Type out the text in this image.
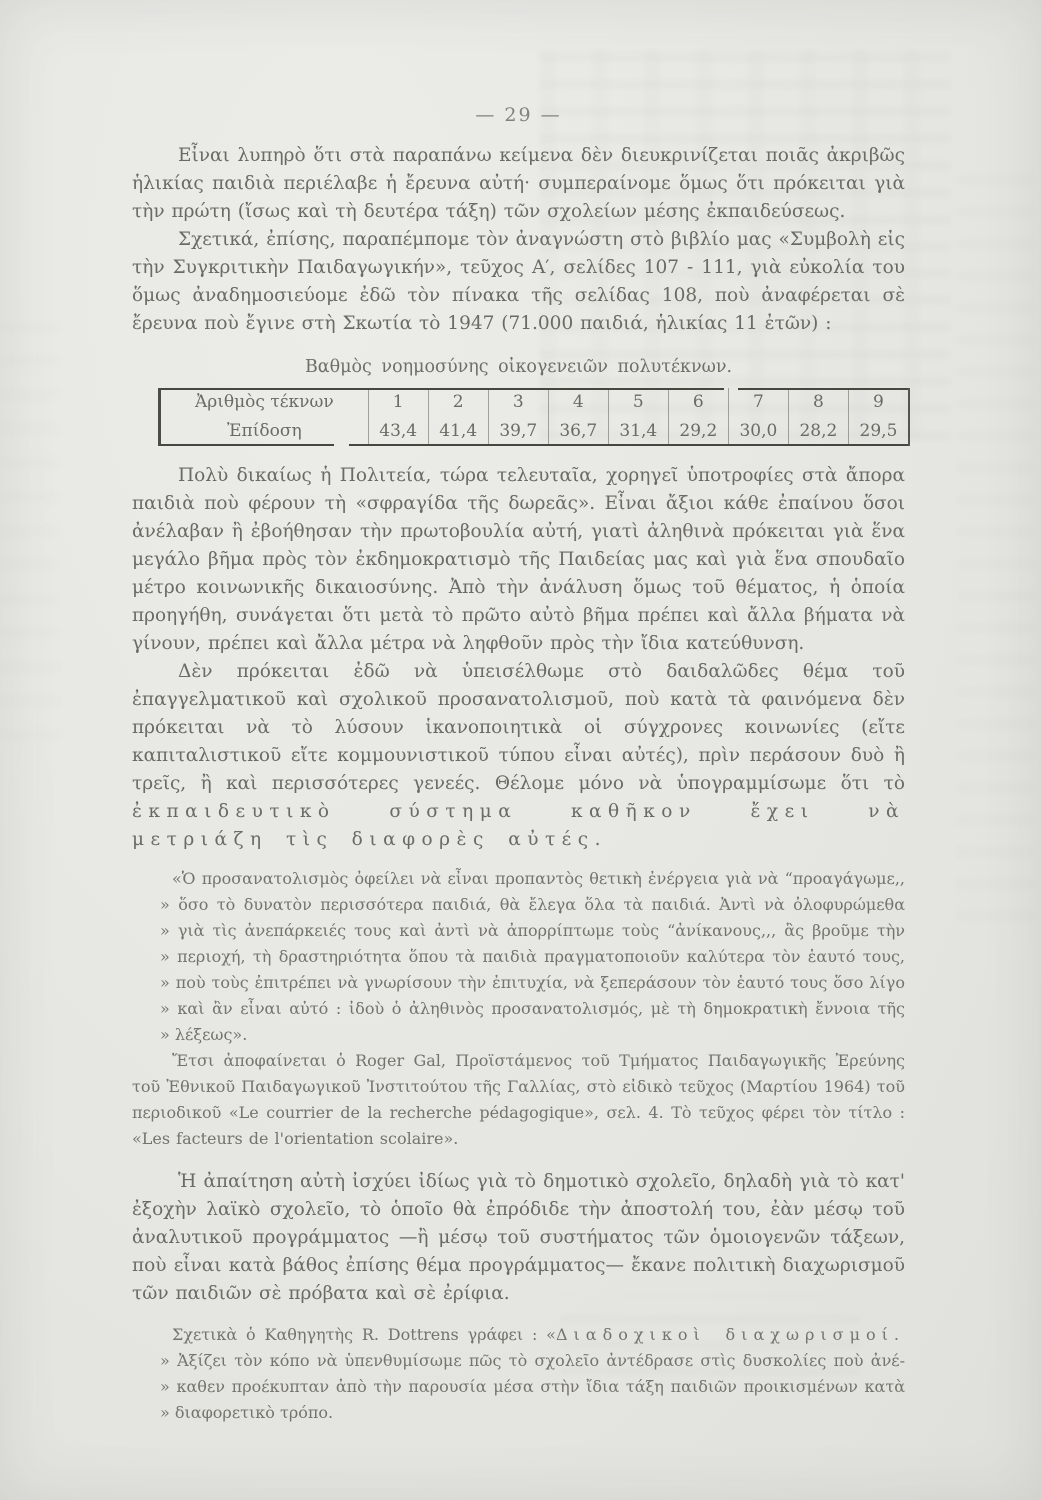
— 29 —

Εἶναι λυπηρὸ ὅτι στὰ παραπάνω κείμενα δὲν διευκρινίζεται ποιᾶς ἀκριβῶς ἡλικίας παιδιὰ περιέλαβε ἡ ἔρευνα αὐτή· συμπεραίνομε ὅμως ὅτι πρόκειται γιὰ τὴν πρώτη (ἴσως καὶ τὴ δευτέρα τάξη) τῶν σχολείων μέσης ἐκπαιδεύσεως.

Σχετικά, ἐπίσης, παραπέμπομε τὸν ἀναγνώστη στὸ βιβλίο μας «Συμβολὴ εἰς τὴν Συγκριτικὴν Παιδαγωγικήν», τεῦχος Α′, σελίδες 107 - 111, γιὰ εὐκολία του ὅμως ἀναδημοσιεύομε ἐδῶ τὸν πίνακα τῆς σελίδας 108, ποὺ ἀναφέρεται σὲ ἔρευνα ποὺ ἔγινε στὴ Σκωτία τὸ 1947 (71.000 παιδιά, ἡλικίας 11 ἐτῶν) :

Βαθμὸς νοημοσύνης οἰκογενειῶν πολυτέκνων.
Ἀριθμὸς τέκνων	1	2	3	4	5	6	7	8	9
Ἐπίδοση	43,4	41,4	39,7	36,7	31,4	29,2	30,0	28,2	29,5

Πολὺ δικαίως ἡ Πολιτεία, τώρα τελευταῖα, χορηγεῖ ὑποτροφίες στὰ ἄπορα παιδιὰ ποὺ φέρουν τὴ «σφραγίδα τῆς δωρεᾶς». Εἶναι ἄξιοι κάθε ἐπαίνου ὅσοι ἀνέλαβαν ἢ ἐβοήθησαν τὴν πρωτοβουλία αὐτή, γιατὶ ἀληθινὰ πρόκειται γιὰ ἕνα μεγάλο βῆμα πρὸς τὸν ἐκδημοκρατισμὸ τῆς Παιδείας μας καὶ γιὰ ἕνα σπουδαῖο μέτρο κοινωνικῆς δικαιοσύνης. Ἀπὸ τὴν ἀνάλυση ὅμως τοῦ θέματος, ἡ ὁποία προηγήθη, συνάγεται ὅτι μετὰ τὸ πρῶτο αὐτὸ βῆμα πρέπει καὶ ἄλλα βήματα νὰ γίνουν, πρέπει καὶ ἄλλα μέτρα νὰ ληφθοῦν πρὸς τὴν ἴδια κατεύθυνση.

Δὲν πρόκειται ἐδῶ νὰ ὑπεισέλθωμε στὸ δαιδαλῶδες θέμα τοῦ ἐπαγγελματικοῦ καὶ σχολικοῦ προσανατολισμοῦ, ποὺ κατὰ τὰ φαινόμενα δὲν πρόκειται νὰ τὸ λύσουν ἱκανοποιητικὰ οἱ σύγχρονες κοινωνίες (εἴτε καπιταλιστικοῦ εἴτε κομμουνιστικοῦ τύπου εἶναι αὐτές), πρὶν περάσουν δυὸ ἢ τρεῖς, ἢ καὶ περισσότερες γενεές. Θέλομε μόνο νὰ ὑπογραμμίσωμε ὅτι τὸ ἐκπαιδευτικὸ σύστημα καθῆκον ἔχει νὰ μετριάζη τὶς διαφορὲς αὐτές.

«Ὁ προσανατολισμὸς ὀφείλει νὰ εἶναι προπαντὸς θετικὴ ἐνέργεια γιὰ νὰ “προαγάγωμε,,
» ὅσο τὸ δυνατὸν περισσότερα παιδιά, θὰ ἔλεγα ὅλα τὰ παιδιά. Ἀντὶ νὰ ὀλοφυρώμεθα
» γιὰ τὶς ἀνεπάρκειές τους καὶ ἀντὶ νὰ ἀπορρίπτωμε τοὺς “ἀνίκανους,,, ἂς βροῦμε τὴν
» περιοχή, τὴ δραστηριότητα ὅπου τὰ παιδιὰ πραγματοποιοῦν καλύτερα τὸν ἑαυτό τους,
» ποὺ τοὺς ἐπιτρέπει νὰ γνωρίσουν τὴν ἐπιτυχία, νὰ ξεπεράσουν τὸν ἑαυτό τους ὅσο λίγο
» καὶ ἂν εἶναι αὐτό : ἰδοὺ ὁ ἀληθινὸς προσανατολισμός, μὲ τὴ δημοκρατικὴ ἔννοια τῆς
» λέξεως».

Ἔτσι ἀποφαίνεται ὁ Roger Gal, Προϊστάμενος τοῦ Τμήματος Παιδαγωγικῆς Ἐρεύνης τοῦ Ἐθνικοῦ Παιδαγωγικοῦ Ἰνστιτούτου τῆς Γαλλίας, στὸ εἰδικὸ τεῦχος (Μαρτίου 1964) τοῦ περιοδικοῦ «Le courrier de la recherche pédagogique», σελ. 4. Τὸ τεῦχος φέρει τὸν τίτλο : «Les facteurs de l'orientation scolaire».

Ἡ ἀπαίτηση αὐτὴ ἰσχύει ἰδίως γιὰ τὸ δημοτικὸ σχολεῖο, δηλαδὴ γιὰ τὸ κατ' ἐξοχὴν λαϊκὸ σχολεῖο, τὸ ὁποῖο θὰ ἐπρόδιδε τὴν ἀποστολή του, ἐὰν μέσῳ τοῦ ἀναλυτικοῦ προγράμματος —ἢ μέσῳ τοῦ συστήματος τῶν ὁμοιογενῶν τάξεων, ποὺ εἶναι κατὰ βάθος ἐπίσης θέμα προγράμματος— ἔκανε πολιτικὴ διαχωρισμοῦ τῶν παιδιῶν σὲ πρόβατα καὶ σὲ ἐρίφια.

Σχετικὰ ὁ Καθηγητὴς R. Dottrens γράφει : «Διαδοχικοὶ διαχωρισμοί.
» Ἀξίζει τὸν κόπο νὰ ὑπενθυμίσωμε πῶς τὸ σχολεῖο ἀντέδρασε στὶς δυσκολίες ποὺ ἀνέ-
» καθεν προέκυπταν ἀπὸ τὴν παρουσία μέσα στὴν ἴδια τάξη παιδιῶν προικισμένων κατὰ
» διαφορετικὸ τρόπο.
